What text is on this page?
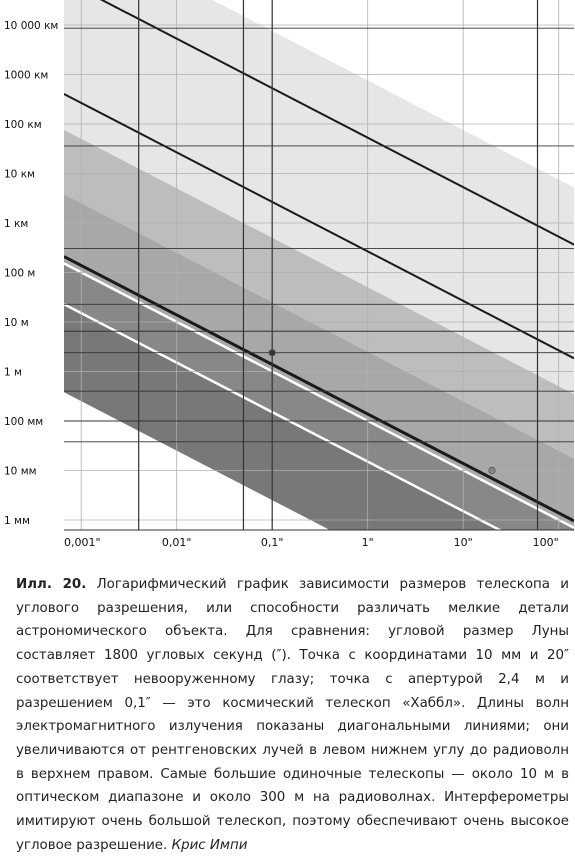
10 000 км
1000 км
100 км
10 км
1 км
100 м
10 м
1 м
100 мм
10 мм
1 мм
0,001"	0,01"	0,1"	1"	10"	100"
Илл. 20. Логарифмический график зависимости размеров телескопа и углового разрешения, или способности различать мелкие детали астрономического объекта. Для сравнения: угловой размер Луны составляет 1800 угловых секунд (″). Точка с координатами 10 мм и 20″ соответствует невооруженному глазу; точка с апертурой 2,4 м и разрешением 0,1″ — это космический телескоп «Хаббл». Длины волн электромагнитного излучения показаны диагональными линиями; они увеличиваются от рентгеновских лучей в левом нижнем углу до радиоволн в верхнем правом. Самые большие одиночные телескопы — около 10 м в оптическом диапазоне и около 300 м на радиоволнах. Интерферометры имитируют очень большой телескоп, поэтому обеспечивают очень высокое угловое разрешение. Крис Импи
